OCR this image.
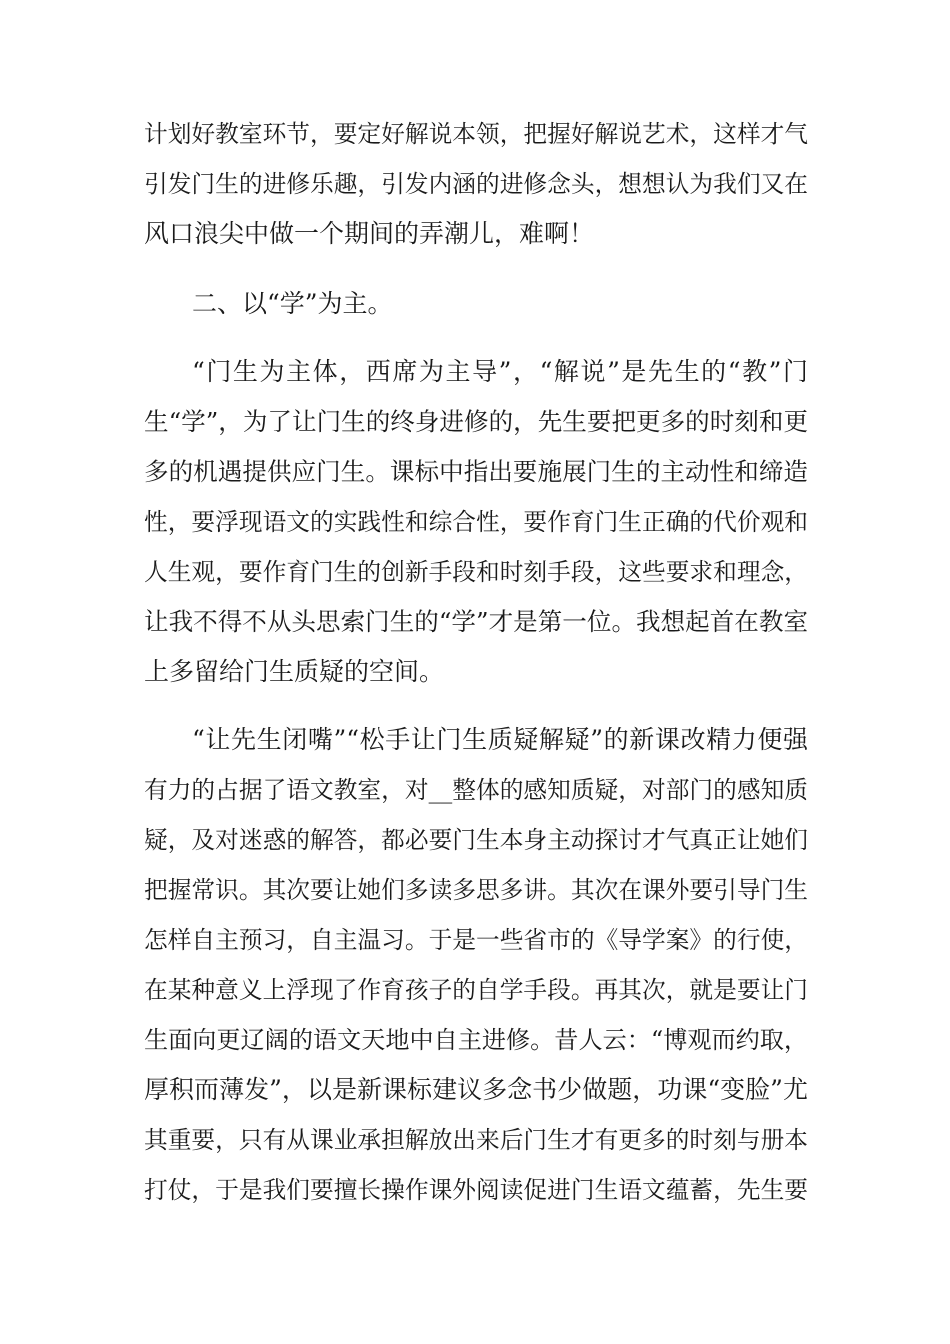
计划好教室环节，要定好解说本领，把握好解说艺术，这样才气
引发门生的进修乐趣，引发内涵的进修念头，想想认为我们又在
风口浪尖中做一个期间的弄潮儿，难啊！
二、以“学”为主。
“门生为主体，西席为主导”，“解说”是先生的“教”门
生“学”，为了让门生的终身进修的，先生要把更多的时刻和更
多的机遇提供应门生。课标中指出要施展门生的主动性和缔造
性，要浮现语文的实践性和综合性，要作育门生正确的代价观和
人生观，要作育门生的创新手段和时刻手段，这些要求和理念，
让我不得不从头思索门生的“学”才是第一位。我想起首在教室
上多留给门生质疑的空间。
“让先生闭嘴”“松手让门生质疑解疑”的新课改精力便强
有力的占据了语文教室，对__整体的感知质疑，对部门的感知质
疑，及对迷惑的解答，都必要门生本身主动探讨才气真正让她们
把握常识。其次要让她们多读多思多讲。其次在课外要引导门生
怎样自主预习，自主温习。于是一些省市的《导学案》的行使，
在某种意义上浮现了作育孩子的自学手段。再其次，就是要让门
生面向更辽阔的语文天地中自主进修。昔人云：“博观而约取，
厚积而薄发”，以是新课标建议多念书少做题，功课“变脸”尤
其重要，只有从课业承担解放出来后门生才有更多的时刻与册本
打仗，于是我们要擅长操作课外阅读促进门生语文蕴蓄，先生要
